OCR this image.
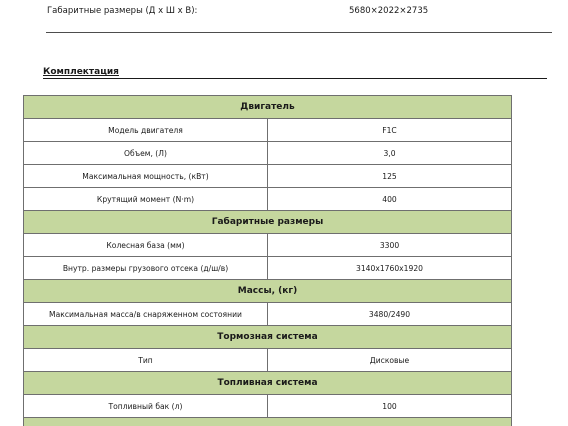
Габаритные размеры (Д х Ш х В):	5680×2022×2735
Комплектация
Двигатель	
Модель двигателя	F1C
Объем, (Л)	3,0
Максимальная мощность, (кВт)	125
Крутящий момент (N·m)	400
Габаритные размеры	
Колесная база (мм)	3300
Внутр. размеры грузового отсека (д/ш/в)	3140x1760x1920
Массы, (кг)	
Максимальная масса/в снаряженном состоянии	3480/2490
Тормозная система	
Тип	Дисковые
Топливная система	
Топливный бак (л)	100
